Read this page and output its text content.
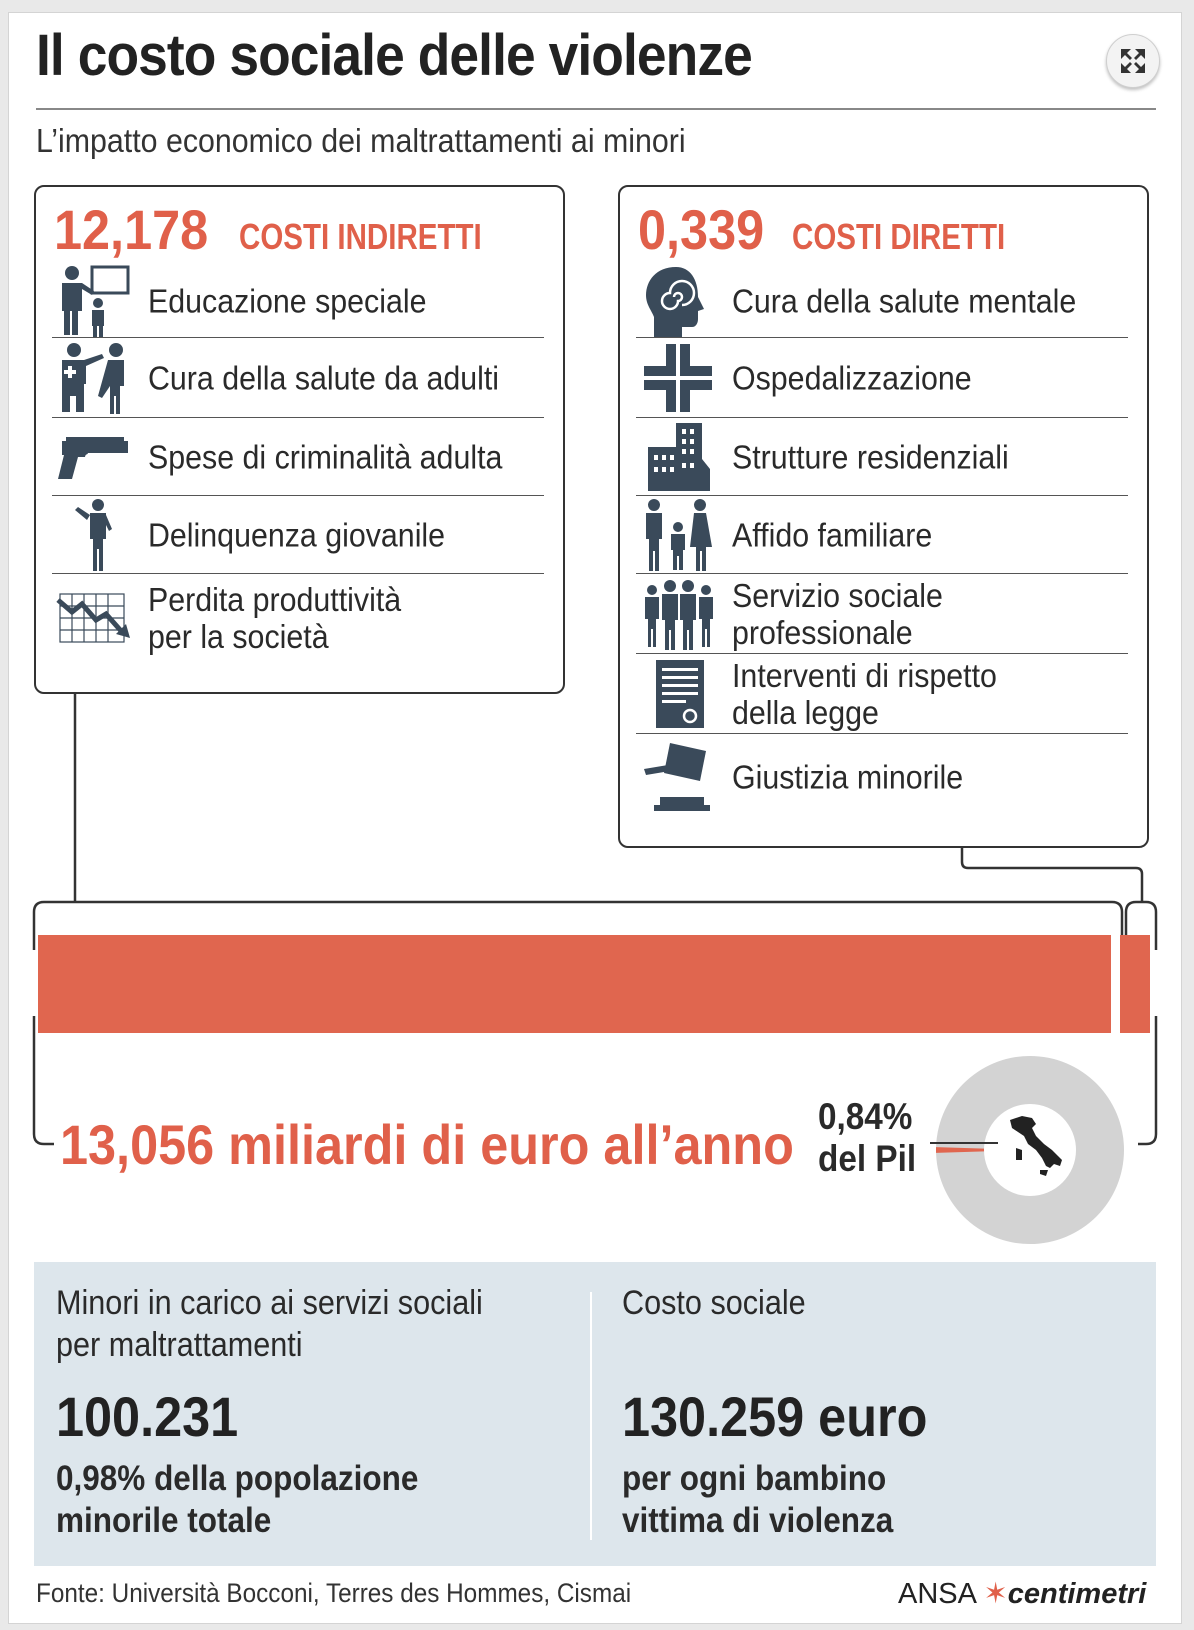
Il costo sociale delle violenze
L’impatto economico dei maltrattamenti ai minori
12,178 COSTI INDIRETTI
Educazione speciale
Cura della salute da adulti
Spese di criminalità adulta
Delinquenza giovanile
Perdita produttività
per la società
0,339 COSTI DIRETTI
Cura della salute mentale
Ospedalizzazione
Strutture residenziali
Affido familiare
Servizio sociale
professionale
Interventi di rispetto
della legge
Giustizia minorile
13,056 miliardi di euro all’anno 0,84%
del Pil
Minori in carico ai servizi sociali
per maltrattamenti
100.231
0,98% della popolazione
minorile totale
Costo sociale
130.259 euro
per ogni bambino
vittima di violenza
Fonte: Università Bocconi, Terres des Hommes, Cismai	ANSA ✶centimetri
